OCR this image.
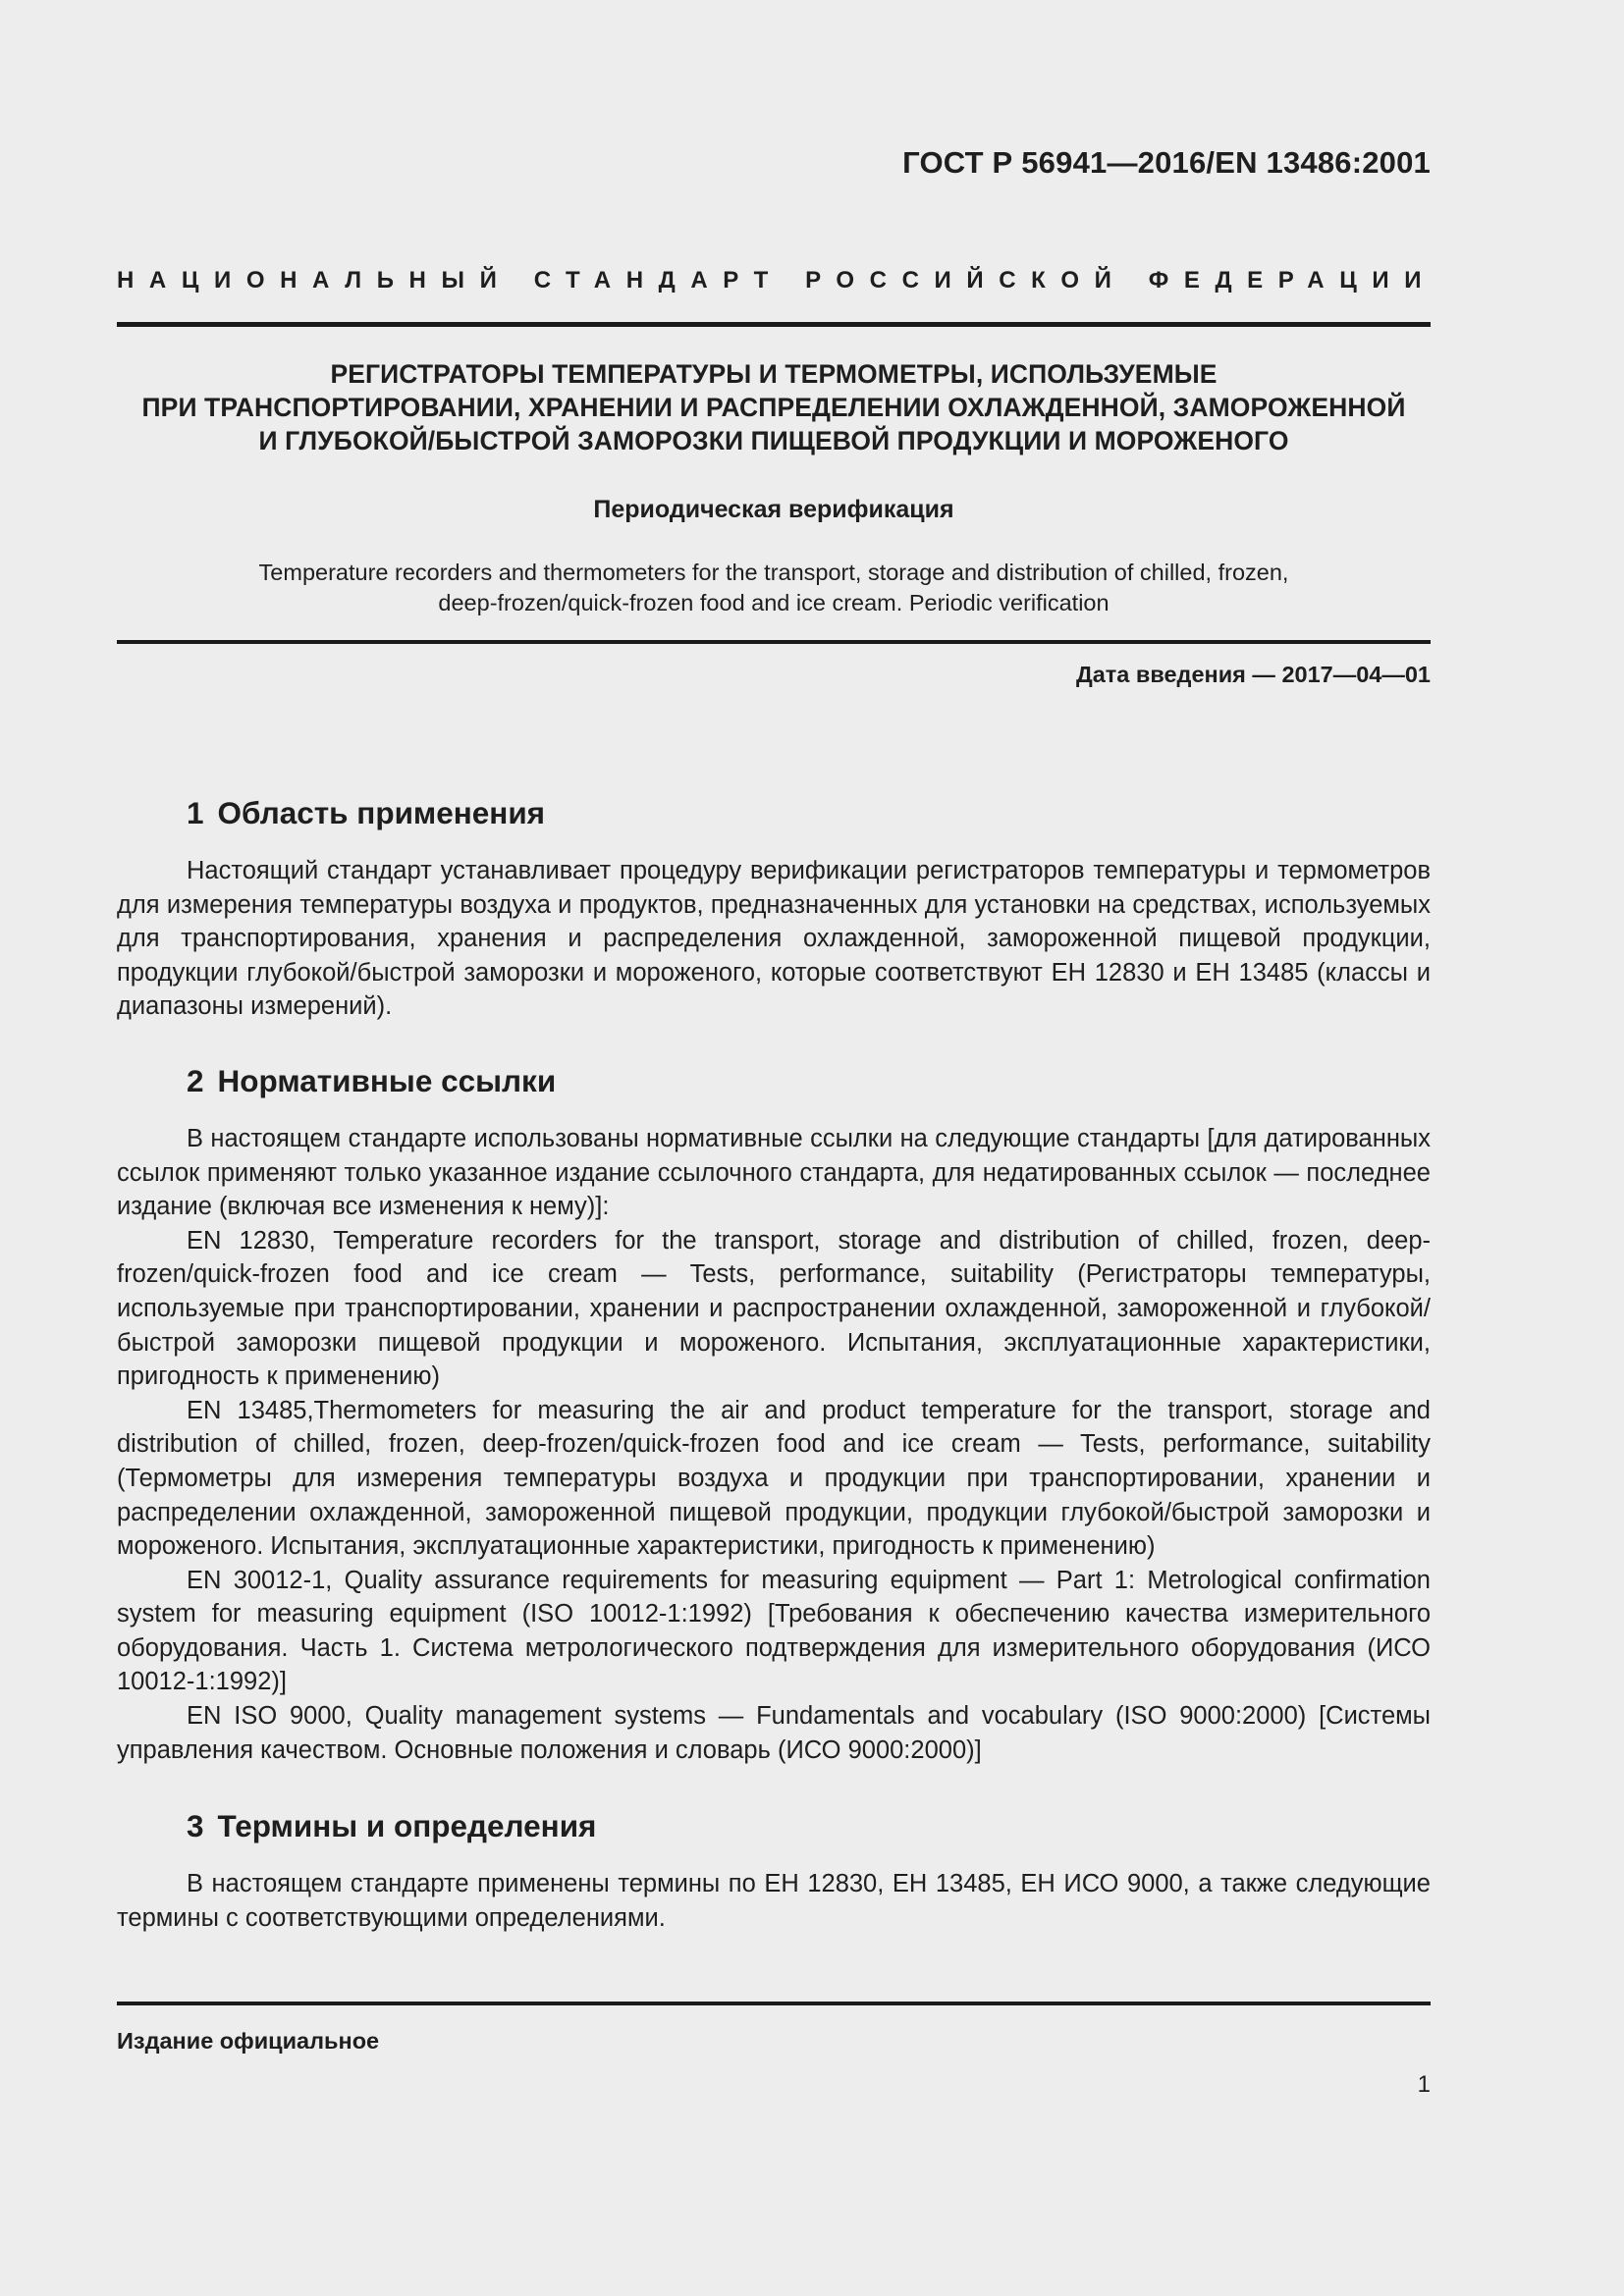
ГОСТ Р 56941—2016/EN 13486:2001
НАЦИОНАЛЬНЫЙ СТАНДАРТ РОССИЙСКОЙ ФЕДЕРАЦИИ
РЕГИСТРАТОРЫ ТЕМПЕРАТУРЫ И ТЕРМОМЕТРЫ, ИСПОЛЬЗУЕМЫЕ
ПРИ ТРАНСПОРТИРОВАНИИ, ХРАНЕНИИ И РАСПРЕДЕЛЕНИИ ОХЛАЖДЕННОЙ, ЗАМОРОЖЕННОЙ
И ГЛУБОКОЙ/БЫСТРОЙ ЗАМОРОЗКИ ПИЩЕВОЙ ПРОДУКЦИИ И МОРОЖЕНОГО
Периодическая верификация
Temperature recorders and thermometers for the transport, storage and distribution of chilled, frozen,
deep-frozen/quick-frozen food and ice cream. Periodic verification
Дата введения — 2017—04—01
1 Область применения

Настоящий стандарт устанавливает процедуру верификации регистраторов температуры и термометров для измерения температуры воздуха и продуктов, предназначенных для установки на средствах, используемых для транспортирования, хранения и распределения охлажденной, замороженной пищевой продукции, продукции глубокой/быстрой заморозки и мороженого, которые соответствуют ЕН 12830 и ЕН 13485 (классы и диапазоны измерений).

2 Нормативные ссылки

В настоящем стандарте использованы нормативные ссылки на следующие стандарты [для датированных ссылок применяют только указанное издание ссылочного стандарта, для недатированных ссылок — последнее издание (включая все изменения к нему)]:

EN 12830, Temperature recorders for the transport, storage and distribution of chilled, frozen, deep-frozen/quick-frozen food and ice cream — Tests, performance, suitability (Регистраторы температуры, используемые при транспортировании, хранении и распространении охлажденной, замороженной и глубокой/быстрой заморозки пищевой продукции и мороженого. Испытания, эксплуатационные характеристики, пригодность к применению)

EN 13485,Thermometers for measuring the air and product temperature for the transport, storage and distribution of chilled, frozen, deep-frozen/quick-frozen food and ice cream — Tests, performance, suitability (Термометры для измерения температуры воздуха и продукции при транспортировании, хранении и распределении охлажденной, замороженной пищевой продукции, продукции глубокой/быстрой заморозки и мороженого. Испытания, эксплуатационные характеристики, пригодность к применению)

EN 30012-1, Quality assurance requirements for measuring equipment — Part 1: Metrological confirmation system for measuring equipment (ISO 10012-1:1992) [Требования к обеспечению качества измерительного оборудования. Часть 1. Система метрологического подтверждения для измерительного оборудования (ИСО 10012-1:1992)]

EN ISO 9000, Quality management systems — Fundamentals and vocabulary (ISO 9000:2000) [Системы управления качеством. Основные положения и словарь (ИСО 9000:2000)]

3 Термины и определения

В настоящем стандарте применены термины по ЕН 12830, ЕН 13485, ЕН ИСО 9000, а также следующие термины с соответствующими определениями.

Издание официальное
1
